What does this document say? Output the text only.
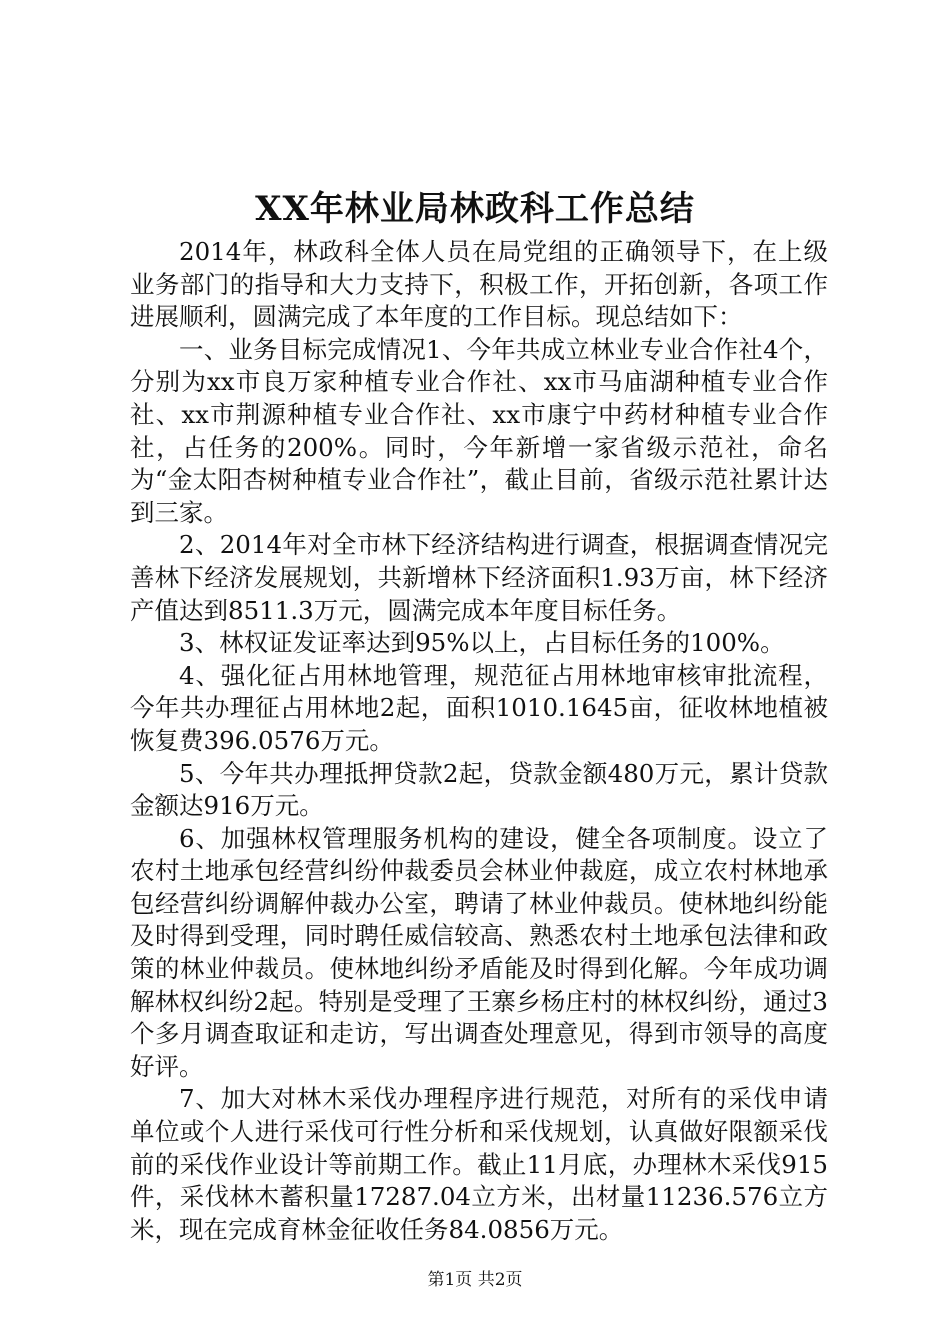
XX年林业局林政科工作总结

2014年，林政科全体人员在局党组的正确领导下，在上级业务部门的指导和大力支持下，积极工作，开拓创新，各项工作进展顺利，圆满完成了本年度的工作目标。现总结如下：

一、业务目标完成情况1、今年共成立林业专业合作社4个，分别为xx市良万家种植专业合作社、xx市马庙湖种植专业合作社、xx市荆源种植专业合作社、xx市康宁中药材种植专业合作社，占任务的200%。同时，今年新增一家省级示范社，命名为“金太阳杏树种植专业合作社”，截止目前，省级示范社累计达到三家。

2、2014年对全市林下经济结构进行调查，根据调查情况完善林下经济发展规划，共新增林下经济面积1.93万亩，林下经济产值达到8511.3万元，圆满完成本年度目标任务。

3、林权证发证率达到95%以上，占目标任务的100%。

4、强化征占用林地管理，规范征占用林地审核审批流程，今年共办理征占用林地2起，面积1010.1645亩，征收林地植被恢复费396.0576万元。

5、今年共办理抵押贷款2起，贷款金额480万元，累计贷款金额达916万元。

6、加强林权管理服务机构的建设，健全各项制度。设立了农村土地承包经营纠纷仲裁委员会林业仲裁庭，成立农村林地承包经营纠纷调解仲裁办公室，聘请了林业仲裁员。使林地纠纷能及时得到受理，同时聘任威信较高、熟悉农村土地承包法律和政策的林业仲裁员。使林地纠纷矛盾能及时得到化解。今年成功调解林权纠纷2起。特别是受理了王寨乡杨庄村的林权纠纷，通过3个多月调查取证和走访，写出调查处理意见，得到市领导的高度好评。

7、加大对林木采伐办理程序进行规范，对所有的采伐申请单位或个人进行采伐可行性分析和采伐规划，认真做好限额采伐前的采伐作业设计等前期工作。截止11月底，办理林木采伐915件，采伐林木蓄积量17287.04立方米，出材量11236.576立方米，现在完成育林金征收任务84.0856万元。

第1页 共2页
